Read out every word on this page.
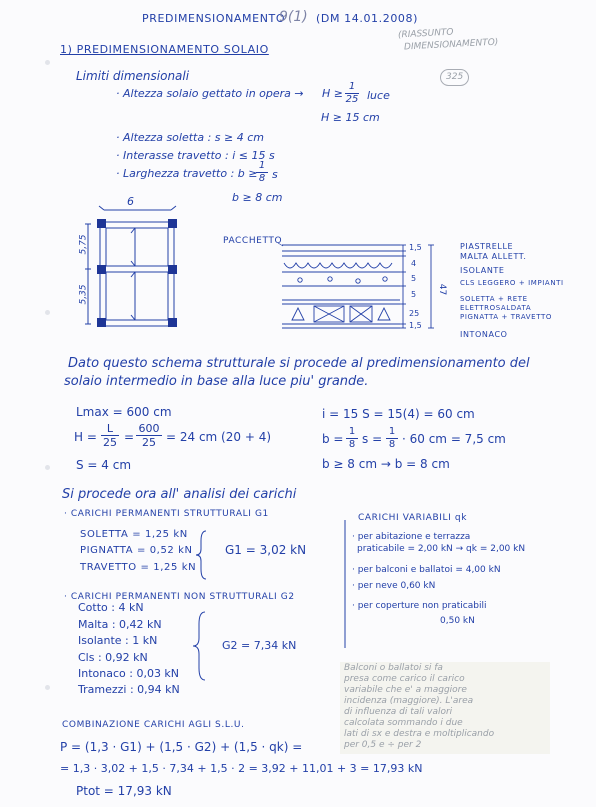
PREDIMENSIONAMENTO
9(1) (DM 14.01.2008)
(RIASSUNTO
DIMENSIONAMENTO)
325
1) PREDIMENSIONAMENTO SOLAIO
Limiti dimensionali
· Altezza solaio gettato in opera → H ≥
1
25 luce
H ≥ 15 cm
· Altezza soletta : s ≥ 4 cm
· Interasse travetto : i ≤ 15 s
· Larghezza travetto : b ≥
1
8 s
b ≥ 8 cm
6
5,75
5,35
PACCHETTO
1,5
4
5
5
25
1,5
47
PIASTRELLE
MALTA ALLETT.
ISOLANTE
CLS LEGGERO + IMPIANTI
SOLETTA + RETE ELETTROSALDATA
PIGNATTA + TRAVETTO
INTONACO
Dato questo schema strutturale si procede al predimensionamento del
solaio intermedio in base alla luce piu' grande.
Lmax = 600 cm
H =
L
25 =
600
25 = 24 cm (20 + 4)
S = 4 cm
i = 15 S = 15(4) = 60 cm
b =
1
8 s =
1
8 · 60 cm = 7,5 cm
b ≥ 8 cm → b = 8 cm
Si procede ora all' analisi dei carichi
· CARICHI PERMANENTI STRUTTURALI G1
SOLETTA = 1,25 kN
PIGNATTA = 0,52 kN
TRAVETTO = 1,25 kN
G1 = 3,02 kN
· CARICHI PERMANENTI NON STRUTTURALI G2
Cotto : 4 kN
Malta : 0,42 kN
Isolante : 1 kN
Cls : 0,92 kN
Intonaco : 0,03 kN
Tramezzi : 0,94 kN
G2 = 7,34 kN
CARICHI VARIABILI qk
· per abitazione e terrazza
praticabile = 2,00 kN → qk = 2,00 kN
· per balconi e ballatoi = 4,00 kN
· per neve 0,60 kN
· per coperture non praticabili
0,50 kN
Balconi o ballatoi si fa
presa come carico il carico
variabile che e' a maggiore
incidenza (maggiore). L'area
di influenza di tali valori
calcolata sommando i due
lati di sx e destra e moltiplicando
per 0,5 e ÷ per 2
COMBINAZIONE CARICHI AGLI S.L.U.
P = (1,3 · G1) + (1,5 · G2) + (1,5 · qk) =
= 1,3 · 3,02 + 1,5 · 7,34 + 1,5 · 2 = 3,92 + 11,01 + 3 = 17,93 kN
Ptot = 17,93 kN
